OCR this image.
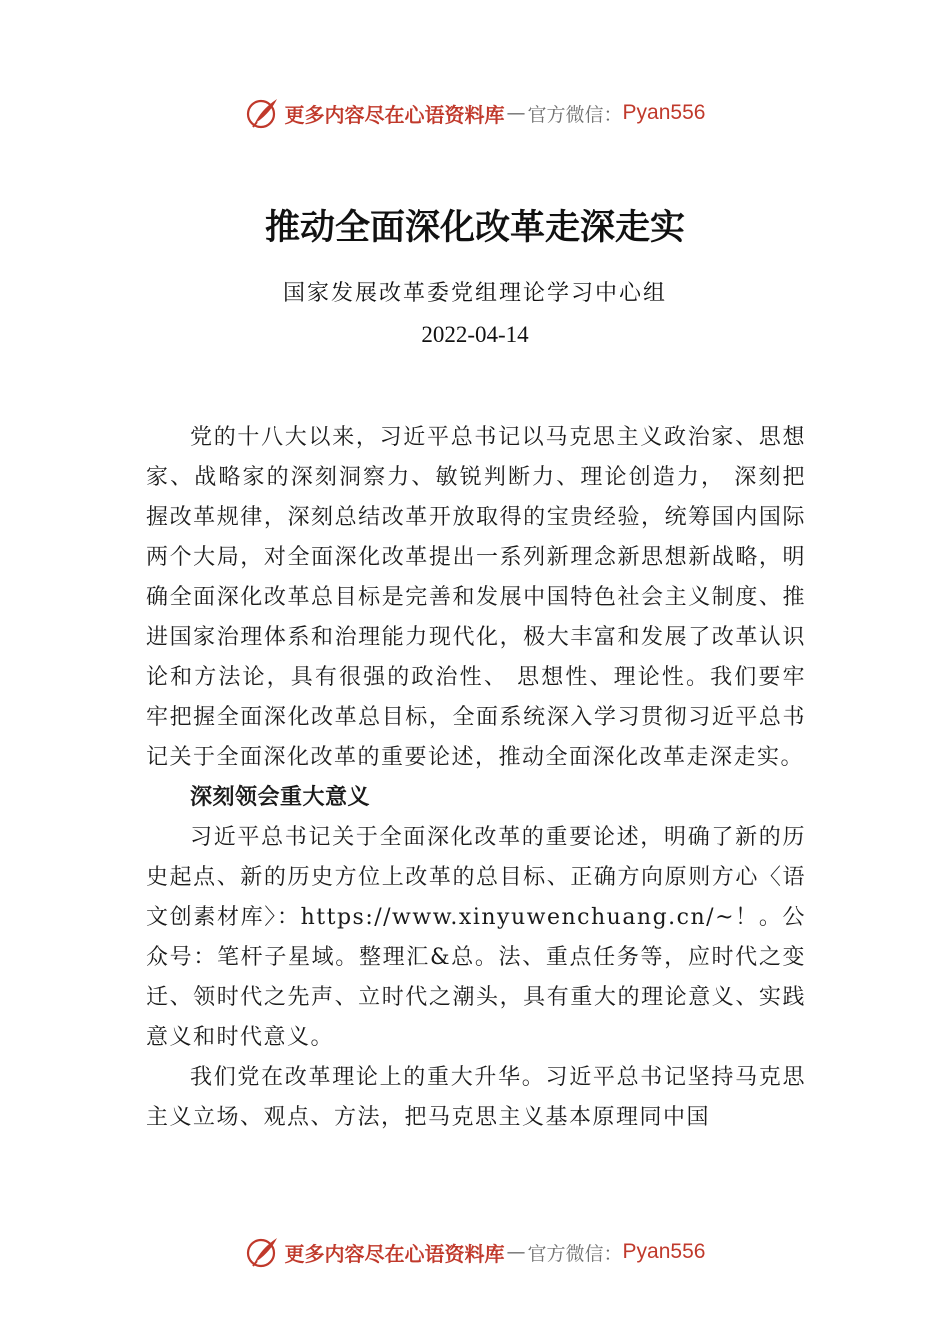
更多内容尽在心语资料库 — 官方微信： Pyan556
推动全面深化改革走深走实
国家发展改革委党组理论学习中心组
2022-04-14

党的十八大以来，习近平总书记以马克思主义政治家、思想家、战略家的深刻洞察力、敏锐判断力、理论创造力， 深刻把握改革规律，深刻总结改革开放取得的宝贵经验，统筹国内国际两个大局，对全面深化改革提出一系列新理念新思想新战略，明确全面深化改革总目标是完善和发展中国特色社会主义制度、推进国家治理体系和治理能力现代化，极大丰富和发展了改革认识论和方法论，具有很强的政治性、 思想性、理论性。我们要牢牢把握全面深化改革总目标，全面系统深入学习贯彻习近平总书记关于全面深化改革的重要论述，推动全面深化改革走深走实。

深刻领会重大意义

习近平总书记关于全面深化改革的重要论述，明确了新的历史起点、新的历史方位上改革的总目标、正确方向原则方心〈语文创素材库〉：https://www.xinyuwenchuang.cn/~！。公众号：笔杆子星域。整理汇&总。法、重点任务等，应时代之变迁、领时代之先声、立时代之潮头，具有重大的理论意义、实践意义和时代意义。

我们党在改革理论上的重大升华。习近平总书记坚持马克思主义立场、观点、方法，把马克思主义基本原理同中国

更多内容尽在心语资料库 — 官方微信： Pyan556
